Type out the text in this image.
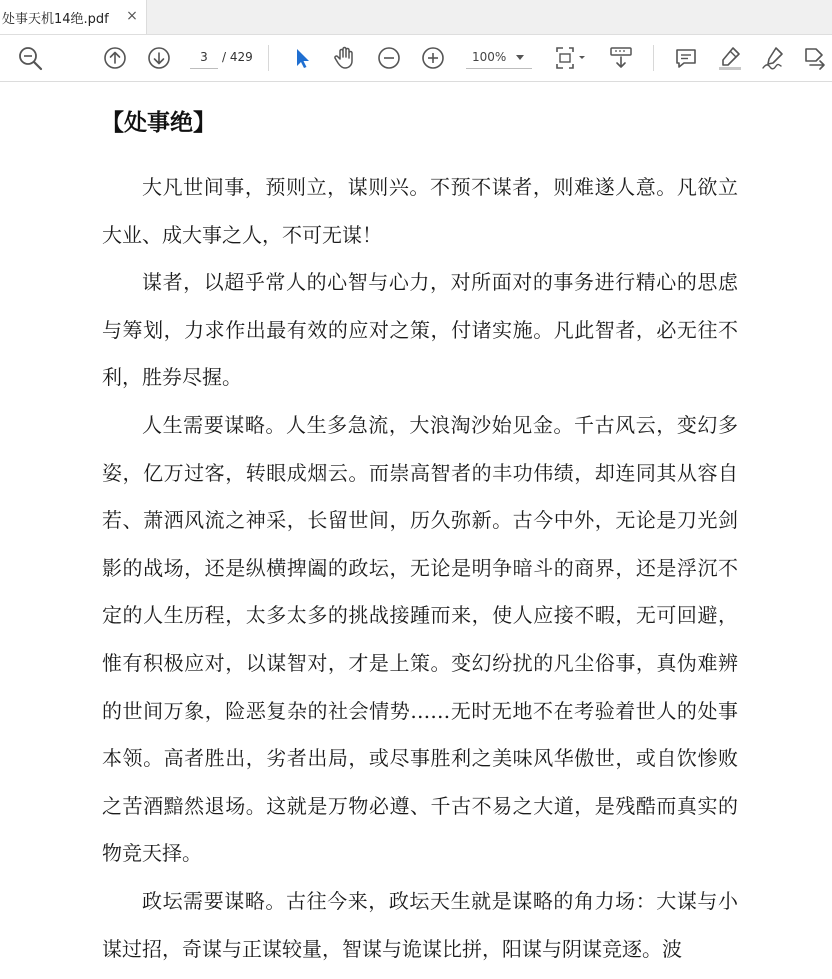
处事天机14绝.pdf ×
3	/ 429	100%
【处事绝】

大凡世间事，预则立，谋则兴。不预不谋者，则难遂人意。凡欲立大业、成大事之人，不可无谋！

谋者，以超乎常人的心智与心力，对所面对的事务进行精心的思虑与筹划，力求作出最有效的应对之策，付诸实施。凡此智者，必无往不利，胜券尽握。

人生需要谋略。人生多急流，大浪淘沙始见金。千古风云，变幻多姿，亿万过客，转眼成烟云。而崇高智者的丰功伟绩，却连同其从容自若、萧洒风流之神采，长留世间，历久弥新。古今中外，无论是刀光剑影的战场，还是纵横捭阖的政坛，无论是明争暗斗的商界，还是浮沉不定的人生历程，太多太多的挑战接踵而来，使人应接不暇，无可回避，惟有积极应对，以谋智对，才是上策。变幻纷扰的凡尘俗事，真伪难辨的世间万象，险恶复杂的社会情势……无时无地不在考验着世人的处事本领。高者胜出，劣者出局，或尽事胜利之美味风华傲世，或自饮惨败之苦酒黯然退场。这就是万物必遵、千古不易之大道，是残酷而真实的物竞天择。

政坛需要谋略。古往今来，政坛天生就是谋略的角力场：大谋与小谋过招，奇谋与正谋较量，智谋与诡谋比拼，阳谋与阴谋竞逐。波
